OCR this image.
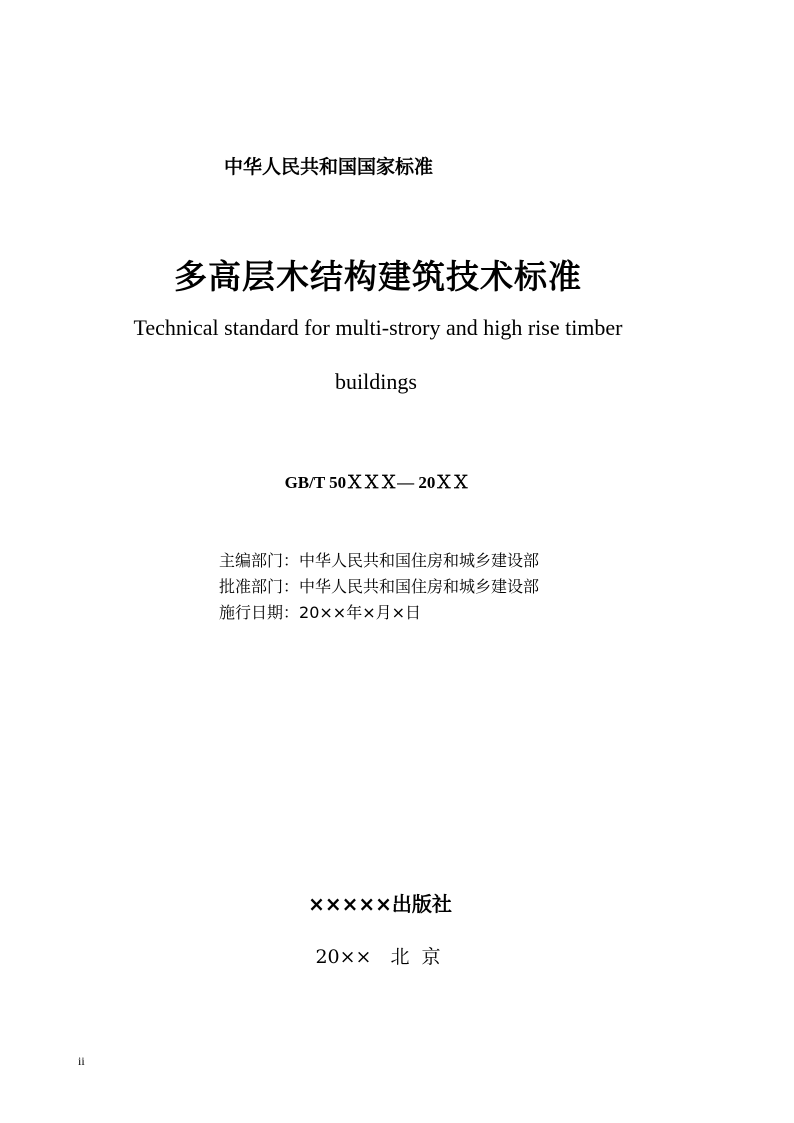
中华人民共和国国家标准
多高层木结构建筑技术标准
Technical standard for multi-strory and high rise timber
buildings
GB/T 50ＸＸＸ— 20ＸＸ
主编部门：中华人民共和国住房和城乡建设部
批准部门：中华人民共和国住房和城乡建设部
施行日期：20××年×月×日
×××××出版社
20××　北  京
ii
